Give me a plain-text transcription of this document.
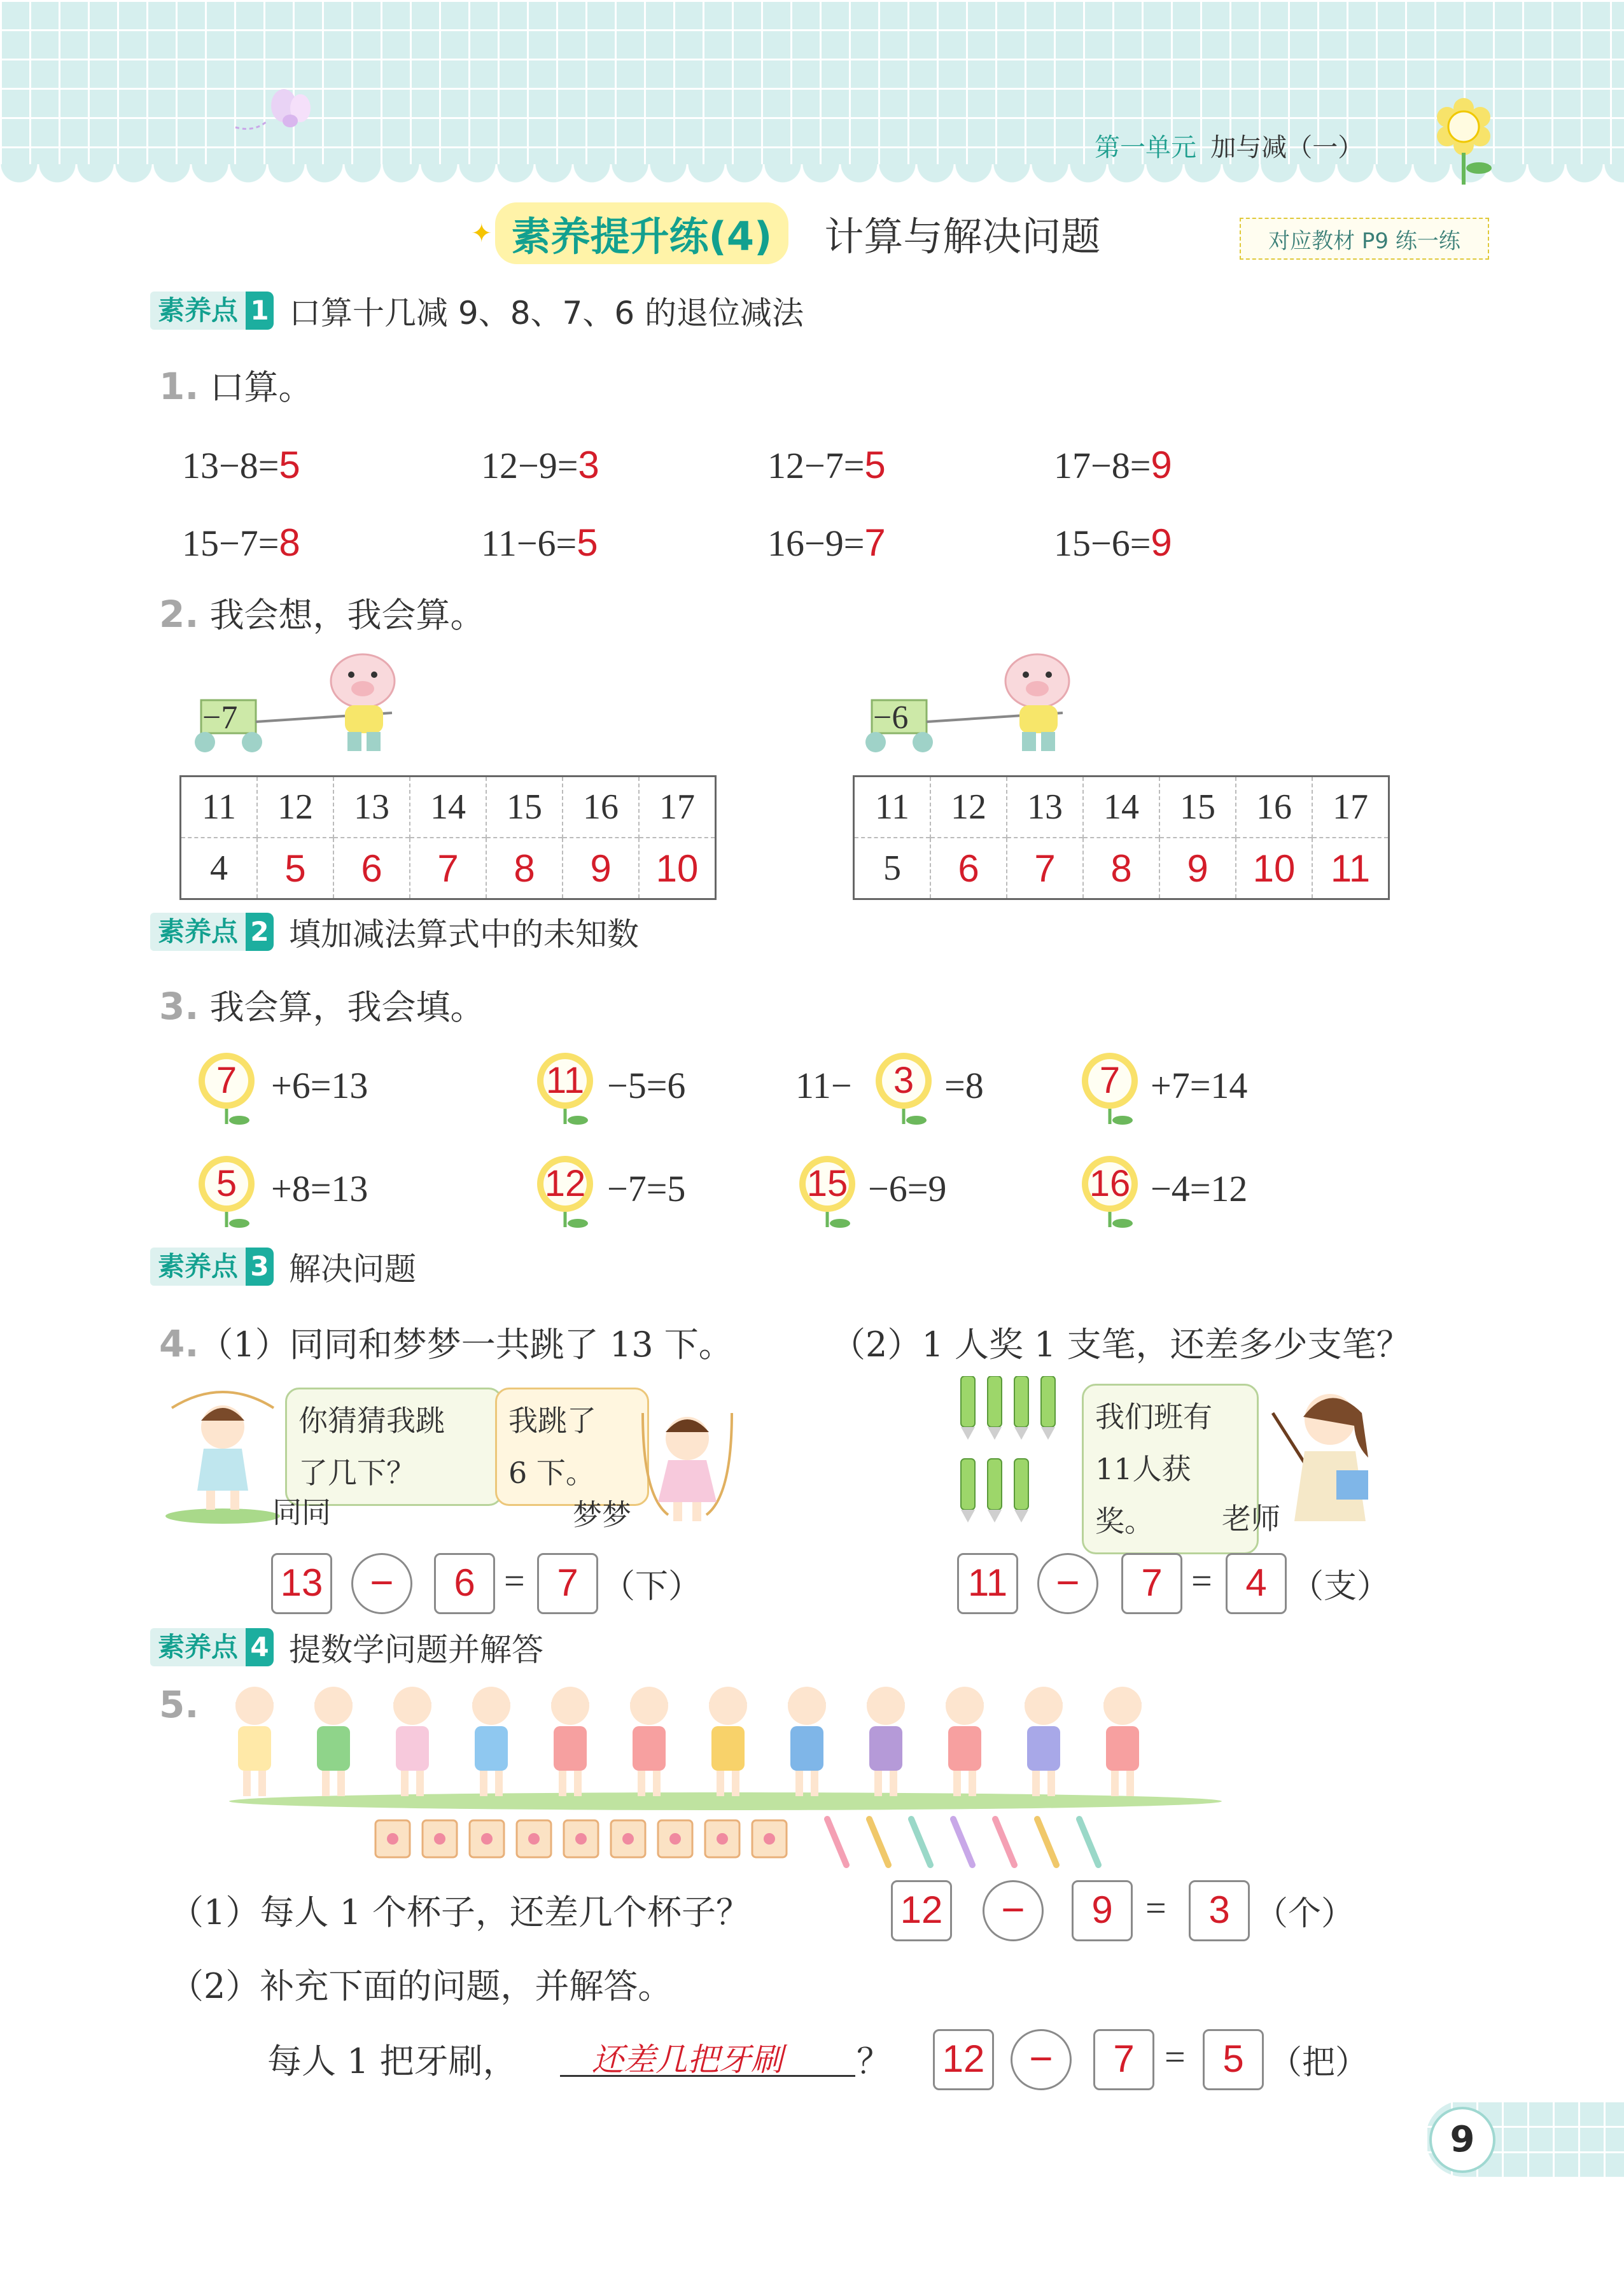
第一单元 加与减（一）
✦ 素养提升练(4)	计算与解决问题	对应教材 P9 练一练
素养点 1 口算十几减 9、8、7、6 的退位减法
1. 口算。
13−8=5	12−9=3	12−7=5	17−8=9
15−7=8	11−6=5	16−9=7	15−6=9
2. 我会想，我会算。
−7
11	12	13	14	15	16	17
4	5	6	7	8	9	10
−6
11	12	13	14	15	16	17
5	6	7	8	9	10	11
素养点 2 填加减法算式中的未知数
3. 我会算，我会填。
7 +6=13	11 −5=6	11−	3 =8	7 +7=14
5 +8=13	12 −7=5	15 −6=9	16 −4=12
素养点 3 解决问题
4.（1）同同和梦梦一共跳了 13 下。	（2）1 人奖 1 支笔，还差多少支笔？
你猜猜我跳
了几下？
我跳了
6 下。
同同	梦梦
我们班有
11人获奖。	老师
13	−	6 = 7 （下）	11	−	7 = 4 （支）
素养点 4 提数学问题并解答
5.
（1）每人 1 个杯子，还差几个杯子？	12	−	9 =	3 （个）
（2）补充下面的问题，并解答。
每人 1 把牙刷， 还差几把牙刷 ？ 12	−	7 = 5 （把）
9
